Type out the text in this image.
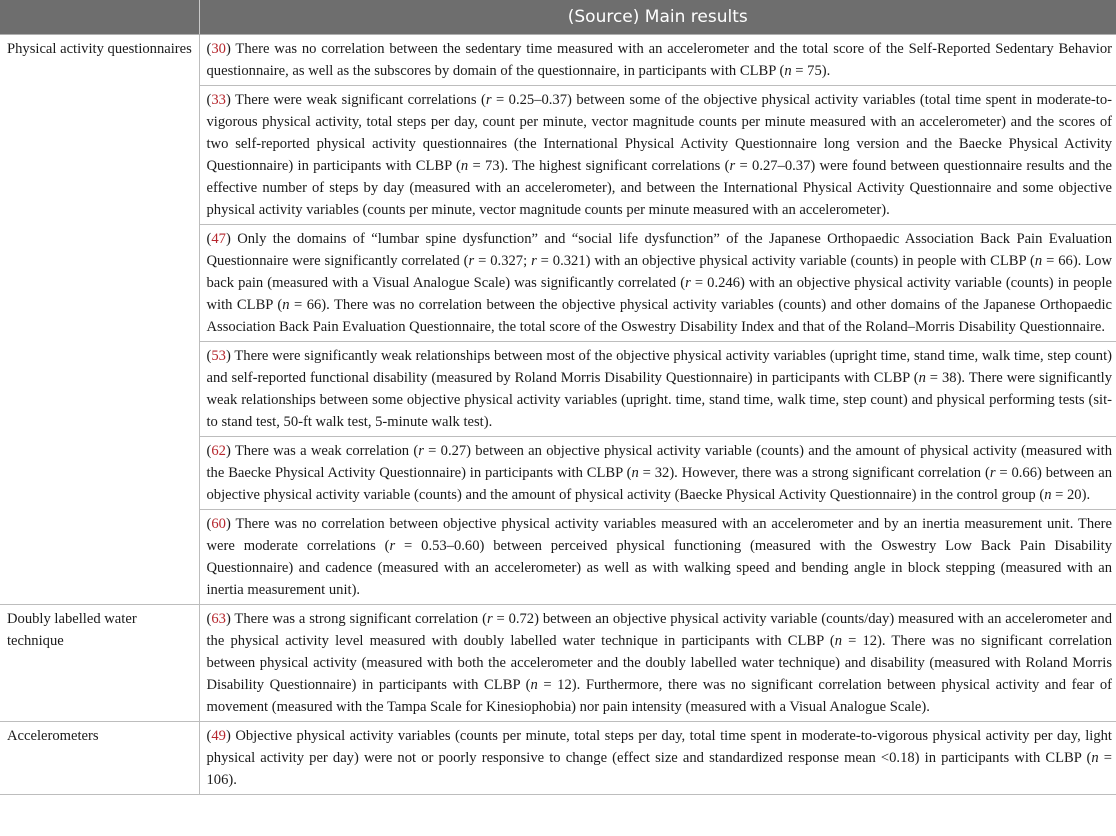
	(Source) Main results
Physical activity questionnaires	(30) There was no correlation between the sedentary time measured with an accelerometer and the total score of the Self-Reported Sedentary Behavior questionnaire, as well as the subscores by domain of the questionnaire, in participants with CLBP (n = 75).
	(33) There were weak significant correlations (r = 0.25–0.37) between some of the objective physical activity variables (total time spent in moderate-to-vigorous physical activity, total steps per day, count per minute, vector magnitude counts per minute measured with an accelerometer) and the scores of two self-reported physical activity questionnaires (the International Physical Activity Questionnaire long version and the Baecke Physical Activity Questionnaire) in participants with CLBP (n = 73). The highest significant correlations (r = 0.27–0.37) were found between questionnaire results and the effective number of steps by day (measured with an accelerometer), and between the International Physical Activity Questionnaire and some objective physical activity variables (counts per minute, vector magnitude counts per minute measured with an accelerometer).
	(47) Only the domains of “lumbar spine dysfunction” and “social life dysfunction” of the Japanese Orthopaedic Association Back Pain Evaluation Questionnaire were significantly correlated (r = 0.327; r = 0.321) with an objective physical activity variable (counts) in people with CLBP (n = 66). Low back pain (measured with a Visual Analogue Scale) was significantly correlated (r = 0.246) with an objective physical activity variable (counts) in people with CLBP (n = 66). There was no correlation between the objective physical activity variables (counts) and other domains of the Japanese Orthopaedic Association Back Pain Evaluation Questionnaire, the total score of the Oswestry Disability Index and that of the Roland–Morris Disability Questionnaire.
	(53) There were significantly weak relationships between most of the objective physical activity variables (upright time, stand time, walk time, step count) and self-reported functional disability (measured by Roland Morris Disability Questionnaire) in participants with CLBP (n = 38). There were significantly weak relationships between some objective physical activity variables (upright. time, stand time, walk time, step count) and physical performing tests (sit-to stand test, 50-ft walk test, 5-minute walk test).
	(62) There was a weak correlation (r = 0.27) between an objective physical activity variable (counts) and the amount of physical activity (measured with the Baecke Physical Activity Questionnaire) in participants with CLBP (n = 32). However, there was a strong significant correlation (r = 0.66) between an objective physical activity variable (counts) and the amount of physical activity (Baecke Physical Activity Questionnaire) in the control group (n = 20).
	(60) There was no correlation between objective physical activity variables measured with an accelerometer and by an inertia measurement unit. There were moderate correlations (r = 0.53–0.60) between perceived physical functioning (measured with the Oswestry Low Back Pain Disability Questionnaire) and cadence (measured with an accelerometer) as well as with walking speed and bending angle in block stepping (measured with an inertia measurement unit).
Doubly labelled water technique	(63) There was a strong significant correlation (r = 0.72) between an objective physical activity variable (counts/day) measured with an accelerometer and the physical activity level measured with doubly labelled water technique in participants with CLBP (n = 12). There was no significant correlation between physical activity (measured with both the accelerometer and the doubly labelled water technique) and disability (measured with Roland Morris Disability Questionnaire) in participants with CLBP (n = 12). Furthermore, there was no significant correlation between physical activity and fear of movement (measured with the Tampa Scale for Kinesiophobia) nor pain intensity (measured with a Visual Analogue Scale).
Accelerometers	(49) Objective physical activity variables (counts per minute, total steps per day, total time spent in moderate-to-vigorous physical activity per day, light physical activity per day) were not or poorly responsive to change (effect size and standardized response mean <0.18) in participants with CLBP (n = 106).
